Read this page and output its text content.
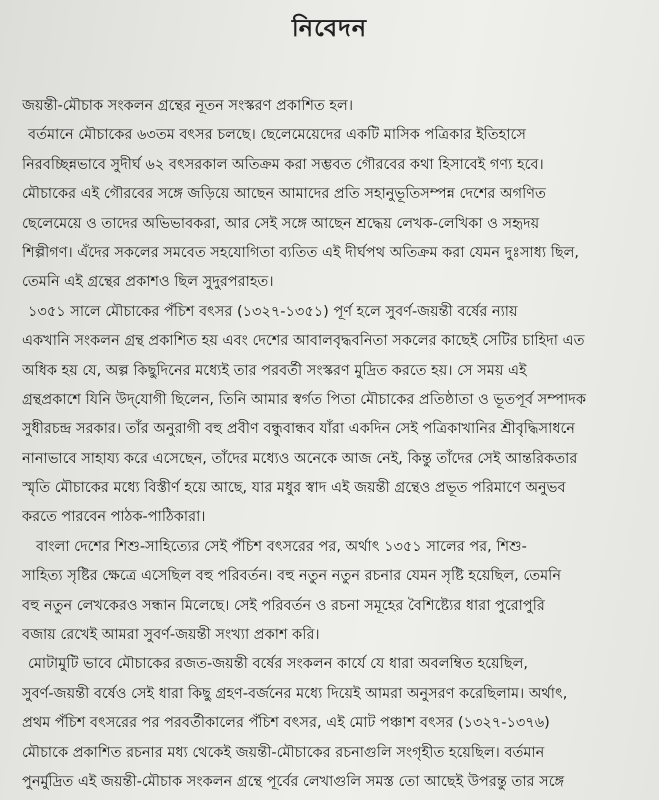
নিবেদন
জয়ন্তী-মৌচাক সংকলন গ্রন্থের নূতন সংস্করণ প্রকাশিত হল।
বর্তমানে মৌচাকের ৬৩তম বৎসর চলছে। ছেলেমেয়েদের একটি মাসিক পত্রিকার ইতিহাসে
নিরবচ্ছিন্নভাবে সুদীর্ঘ ৬২ বৎসরকাল অতিক্রম করা সম্ভবত গৌরবের কথা হিসাবেই গণ্য হবে।
মৌচাকের এই গৌরবের সঙ্গে জড়িয়ে আছেন আমাদের প্রতি সহানুভূতিসম্পন্ন দেশের অগণিত
ছেলেমেয়ে ও তাদের অভিভাবকরা, আর সেই সঙ্গে আছেন শ্রদ্ধেয় লেখক-লেখিকা ও সহৃদয়
শিল্পীগণ। এঁদের সকলের সমবেত সহযোগিতা ব্যতিত এই দীর্ঘপথ অতিক্রম করা যেমন দুঃসাধ্য ছিল,
তেমনি এই গ্রন্থের প্রকাশও ছিল সুদুরপরাহত।
১৩৫১ সালে মৌচাকের পঁচিশ বৎসর (১৩২৭-১৩৫১) পূর্ণ হলে সুবর্ণ-জয়ন্তী বর্ষের ন্যায়
একখানি সংকলন গ্রন্থ প্রকাশিত হয় এবং দেশের আবালবৃদ্ধবনিতা সকলের কাছেই সেটির চাহিদা এত
অধিক হয় যে, অল্প কিছুদিনের মধ্যেই তার পরবর্তী সংস্করণ মুদ্রিত করতে হয়। সে সময় এই
গ্রন্থপ্রকাশে যিনি উদ্‌যোগী ছিলেন, তিনি আমার স্বর্গত পিতা মৌচাকের প্রতিষ্ঠাতা ও ভূতপূর্ব সম্পাদক
সুধীরচন্দ্র সরকার। তাঁর অনুরাগী বহু প্রবীণ বন্ধুবান্ধব যাঁরা একদিন সেই পত্রিকাখানির শ্রীবৃদ্ধিসাধনে
নানাভাবে সাহায্য করে এসেছেন, তাঁদের মধ্যেও অনেকে আজ নেই, কিন্তু তাঁদের সেই আন্তরিকতার
স্মৃতি মৌচাকের মধ্যে বিস্তীর্ণ হয়ে আছে, যার মধুর স্বাদ এই জয়ন্তী গ্রন্থেও প্রভূত পরিমাণে অনুভব
করতে পারবেন পাঠক-পাঠিকারা।
বাংলা দেশের শিশু-সাহিত্যের সেই পঁচিশ বৎসরের পর, অর্থাৎ ১৩৫১ সালের পর, শিশু-
সাহিত্য সৃষ্টির ক্ষেত্রে এসেছিল বহু পরিবর্তন। বহু নতুন নতুন রচনার যেমন সৃষ্টি হয়েছিল, তেমনি
বহু নতুন লেখকেরও সন্ধান মিলেছে। সেই পরিবর্তন ও রচনা সমূহের বৈশিষ্ট্যের ধারা পুরোপুরি
বজায় রেখেই আমরা সুবর্ণ-জয়ন্তী সংখ্যা প্রকাশ করি।
মোটামুটি ভাবে মৌচাকের রজত-জয়ন্তী বর্ষের সংকলন কার্যে যে ধারা অবলম্বিত হয়েছিল,
সুবর্ণ-জয়ন্তী বর্ষেও সেই ধারা কিছু গ্রহণ-বর্জনের মধ্যে দিয়েই আমরা অনুসরণ করেছিলাম। অর্থাৎ,
প্রথম পঁচিশ বৎসরের পর পরবর্তীকালের পঁচিশ বৎসর, এই মোট পঞ্চাশ বৎসর (১৩২৭-১৩৭৬)
মৌচাকে প্রকাশিত রচনার মধ্য থেকেই জয়ন্তী-মৌচাকের রচনাগুলি সংগৃহীত হয়েছিল। বর্তমান
পুনর্মুদ্রিত এই জয়ন্তী-মৌচাক সংকলন গ্রন্থে পূর্বের লেখাগুলি সমস্ত তো আছেই উপরন্তু তার সঙ্গে
